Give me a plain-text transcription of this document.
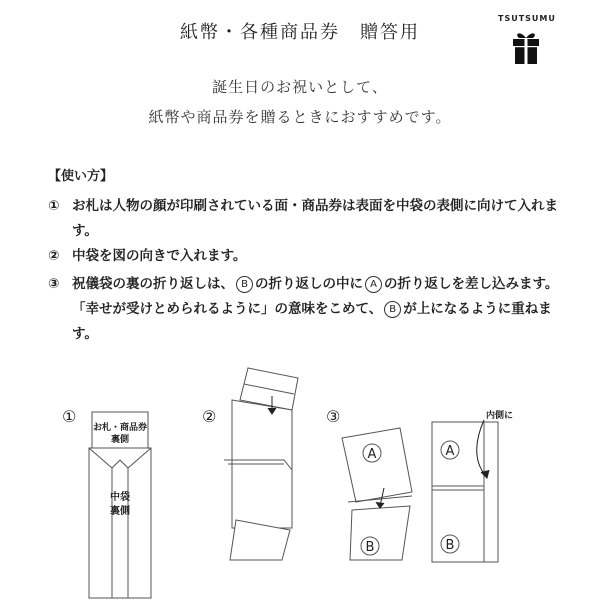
紙幣・各種商品券　贈答用
TSUTSUMU
誕生日のお祝いとして、
紙幣や商品券を贈るときにおすすめです。
【使い方】
① お札は人物の顔が印刷されている面・商品券は表面を中袋の表側に向けて入れます。
② 中袋を図の向きで入れます。
③ 祝儀袋の裏の折り返しは、 B の折り返しの中に A の折り返しを差し込みます。「幸せが受けとめられるように」の意味をこめて、 B が上になるように重ねます。
①
お札・商品券
裏側
中袋
裏側
②	③
A
B
A
B
内側に
